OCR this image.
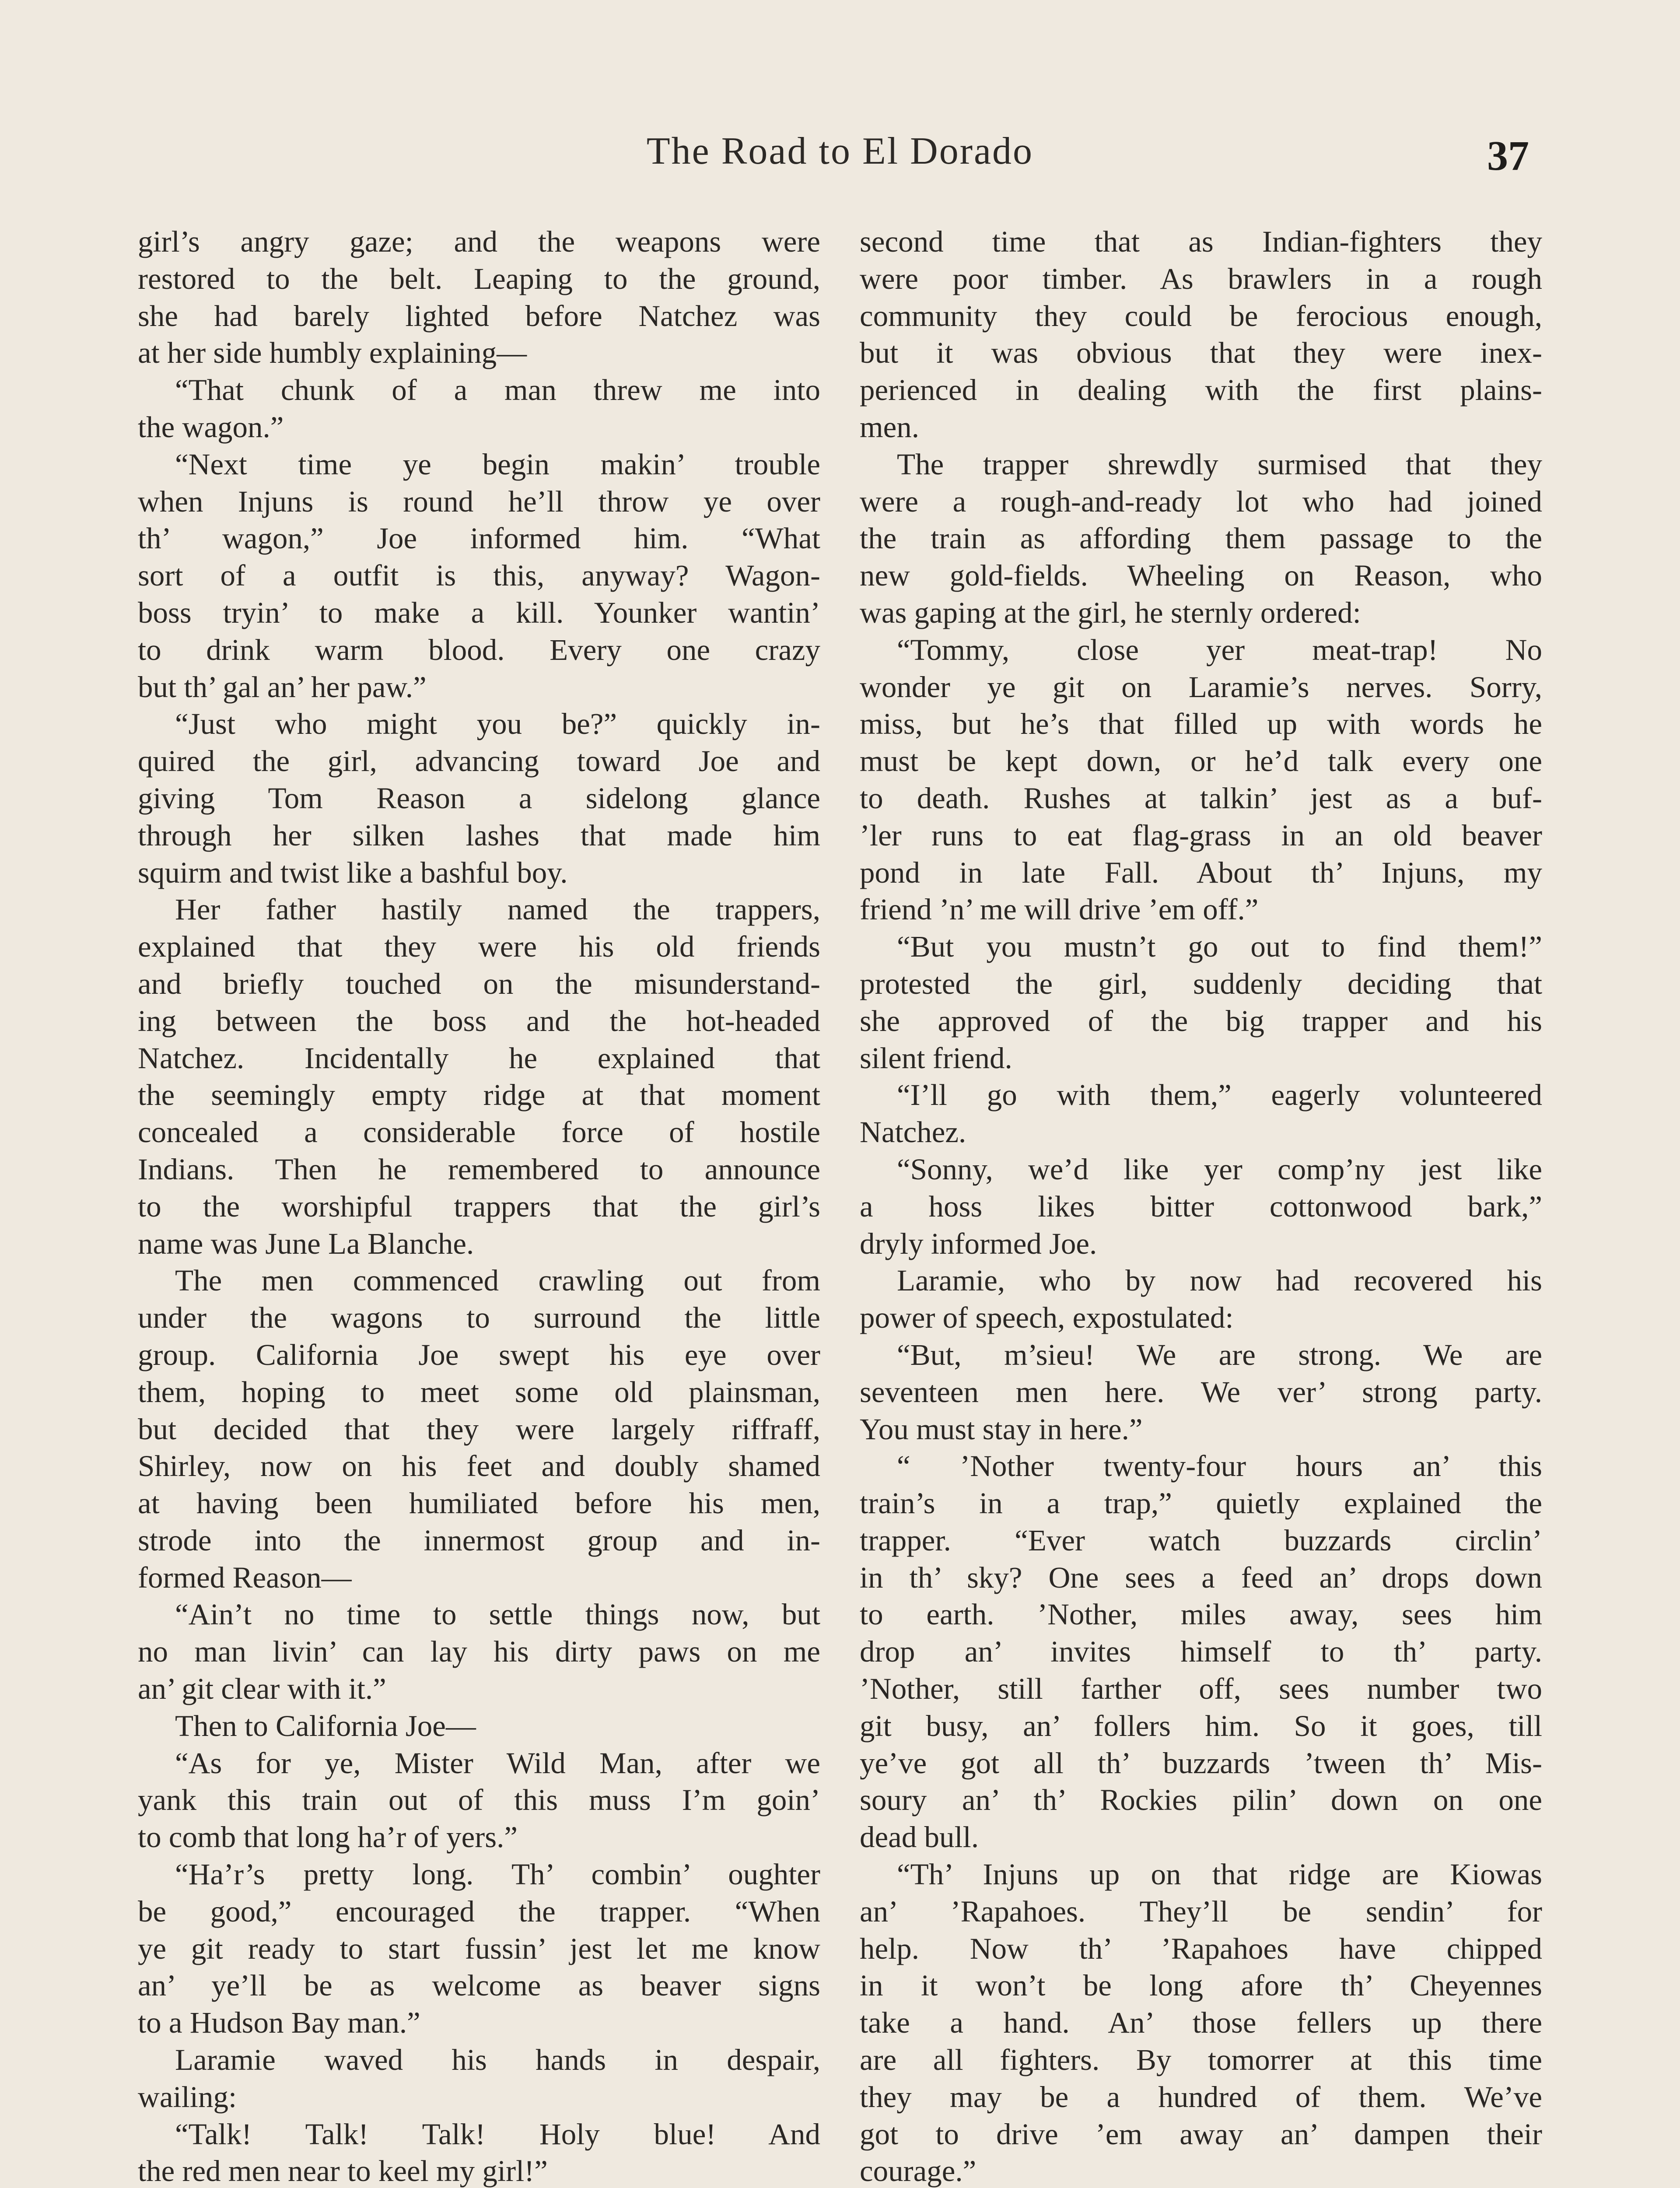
The Road to El Dorado	37
girl’s angry gaze; and the weapons were
restored to the belt. Leaping to the ground,
she had barely lighted before Natchez was
at her side humbly explaining—
“That chunk of a man threw me into
the wagon.”
“Next time ye begin makin’ trouble
when Injuns is round he’ll throw ye over
th’ wagon,” Joe informed him. “What
sort of a outfit is this, anyway? Wagon-
boss tryin’ to make a kill. Younker wantin’
to drink warm blood. Every one crazy
but th’ gal an’ her paw.”
“Just who might you be?” quickly in-
quired the girl, advancing toward Joe and
giving Tom Reason a sidelong glance
through her silken lashes that made him
squirm and twist like a bashful boy.
Her father hastily named the trappers,
explained that they were his old friends
and briefly touched on the misunderstand-
ing between the boss and the hot-headed
Natchez. Incidentally he explained that
the seemingly empty ridge at that moment
concealed a considerable force of hostile
Indians. Then he remembered to announce
to the worshipful trappers that the girl’s
name was June La Blanche.
The men commenced crawling out from
under the wagons to surround the little
group. California Joe swept his eye over
them, hoping to meet some old plainsman,
but decided that they were largely riffraff,
Shirley, now on his feet and doubly shamed
at having been humiliated before his men,
strode into the innermost group and in-
formed Reason—
“Ain’t no time to settle things now, but
no man livin’ can lay his dirty paws on me
an’ git clear with it.”
Then to California Joe—
“As for ye, Mister Wild Man, after we
yank this train out of this muss I’m goin’
to comb that long ha’r of yers.”
“Ha’r’s pretty long. Th’ combin’ oughter
be good,” encouraged the trapper. “When
ye git ready to start fussin’ jest let me know
an’ ye’ll be as welcome as beaver signs
to a Hudson Bay man.”
Laramie waved his hands in despair,
wailing:
“Talk! Talk! Talk! Holy blue! And
the red men near to keel my girl!”
second time that as Indian-fighters they
were poor timber. As brawlers in a rough
community they could be ferocious enough,
but it was obvious that they were inex-
perienced in dealing with the first plains-
men.
The trapper shrewdly surmised that they
were a rough-and-ready lot who had joined
the train as affording them passage to the
new gold-fields. Wheeling on Reason, who
was gaping at the girl, he sternly ordered:
“Tommy, close yer meat-trap! No
wonder ye git on Laramie’s nerves. Sorry,
miss, but he’s that filled up with words he
must be kept down, or he’d talk every one
to death. Rushes at talkin’ jest as a buf-
’ler runs to eat flag-grass in an old beaver
pond in late Fall. About th’ Injuns, my
friend ’n’ me will drive ’em off.”
“But you mustn’t go out to find them!”
protested the girl, suddenly deciding that
she approved of the big trapper and his
silent friend.
“I’ll go with them,” eagerly volunteered
Natchez.
“Sonny, we’d like yer comp’ny jest like
a hoss likes bitter cottonwood bark,”
dryly informed Joe.
Laramie, who by now had recovered his
power of speech, expostulated:
“But, m’sieu! We are strong. We are
seventeen men here. We ver’ strong party.
You must stay in here.”
“ ’Nother twenty-four hours an’ this
train’s in a trap,” quietly explained the
trapper. “Ever watch buzzards circlin’
in th’ sky? One sees a feed an’ drops down
to earth. ’Nother, miles away, sees him
drop an’ invites himself to th’ party.
’Nother, still farther off, sees number two
git busy, an’ follers him. So it goes, till
ye’ve got all th’ buzzards ’tween th’ Mis-
soury an’ th’ Rockies pilin’ down on one
dead bull.
“Th’ Injuns up on that ridge are Kiowas
an’ ’Rapahoes. They’ll be sendin’ for
help. Now th’ ’Rapahoes have chipped
in it won’t be long afore th’ Cheyennes
take a hand. An’ those fellers up there
are all fighters. By tomorrer at this time
they may be a hundred of them. We’ve
got to drive ’em away an’ dampen their
courage.”
